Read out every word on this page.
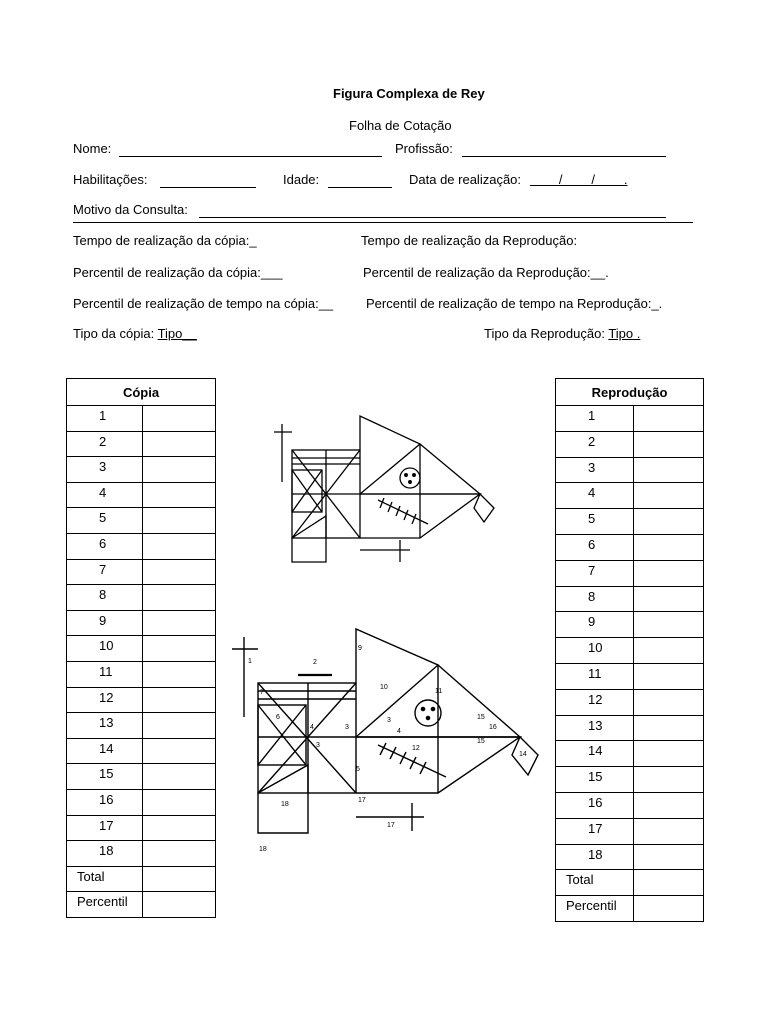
Figura Complexa de Rey
Folha de Cotação
Nome:	Profissão:
Habilitações:	Idade:	Data de realização: /        /        .
Motivo da Consulta:
Tempo de realização da cópia:_	Tempo de realização da Reprodução:
Percentil de realização da cópia:___	Percentil de realização da Reprodução:__.
Percentil de realização de tempo na cópia:__	Percentil de realização de tempo na Reprodução:_.
Tipo da cópia: Tipo__	Tipo da Reprodução: Tipo .
Cópia	
1	
2	
3	
4	
5	
6	
7	
8	
9	
10	
11	
12	
13	
14	
15	
16	
17	
18	
Total	
Percentil	
Reprodução	
1	
2	
3	
4	
5	
6	
7	
8	
9	
10	
11	
12	
13	
14	
15	
16	
17	
18	
Total	
Percentil	
1	2
9
7
10
11
6
4	3
3
4
15
16
15
12
3
5
14
17
18
17
18
